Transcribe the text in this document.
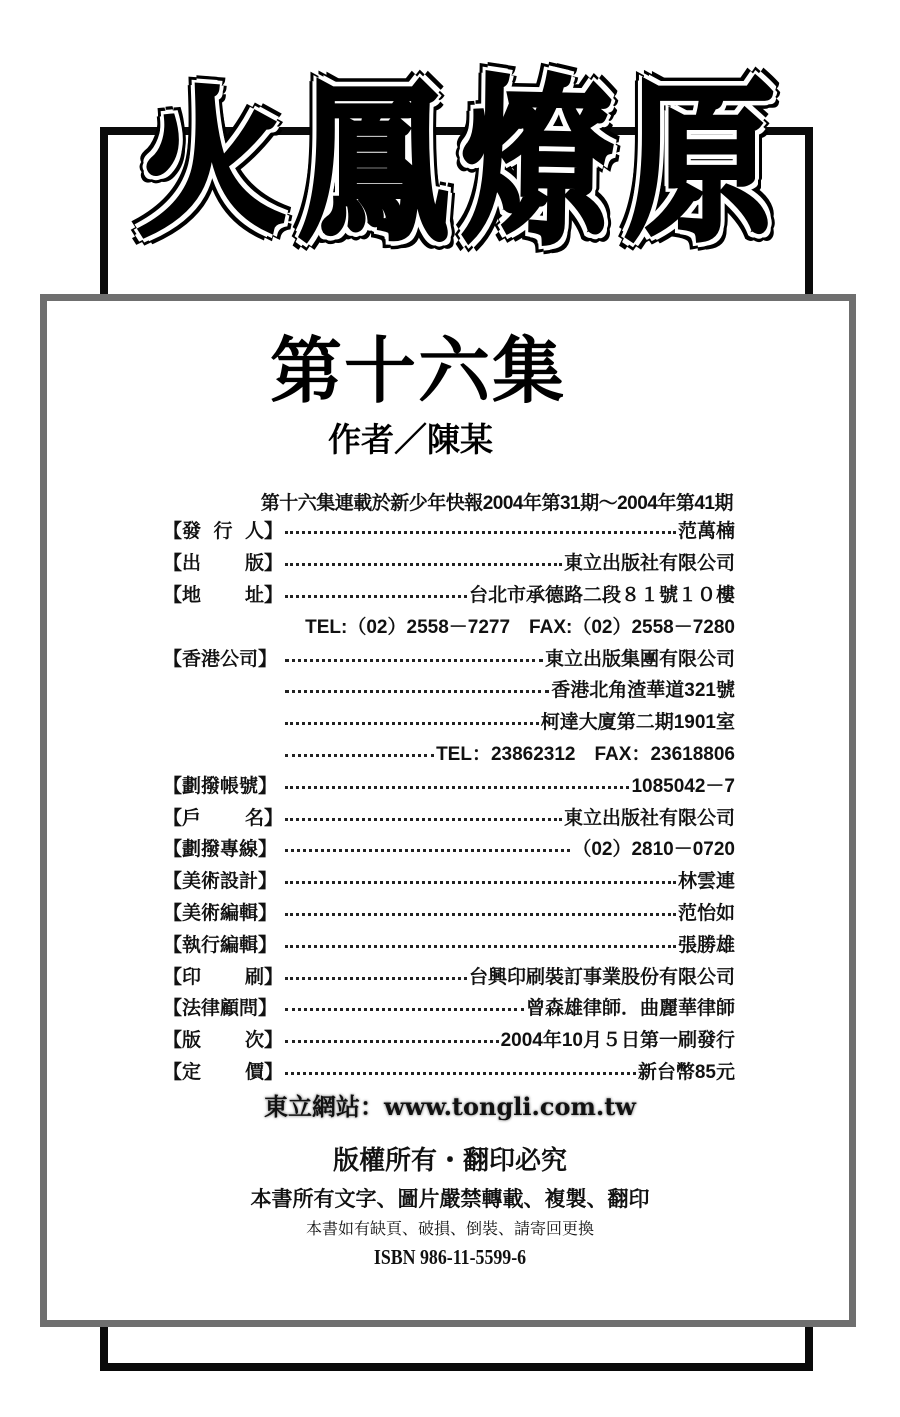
火 鳳 燎 原
第十六集
作者／陳某
第十六集連載於新少年快報2004年第31期～2004年第41期
【發 行 人】	范萬楠
【出 版】	東立出版社有限公司
【地 址】	台北市承德路二段８１號１０樓
TEL:（02）2558－7277　FAX:（02）2558－7280
【香港公司】	東立出版集團有限公司
香港北角渣華道321號
柯達大廈第二期1901室
TEL：23862312　FAX：23618806
【劃撥帳號】	1085042－7
【戶 名】	東立出版社有限公司
【劃撥專線】	（02）2810－0720
【美術設計】	林雲連
【美術編輯】	范怡如
【執行編輯】	張勝雄
【印 刷】	台興印刷裝訂事業股份有限公司
【法律顧問】	曾森雄律師．曲麗華律師
【版 次】	2004年10月５日第一刷發行
【定 價】	新台幣85元
東立網站：www.tongli.com.tw
版權所有・翻印必究
本書所有文字、圖片嚴禁轉載、複製、翻印
本書如有缺頁、破損、倒裝、請寄回更換
ISBN 986-11-5599-6
